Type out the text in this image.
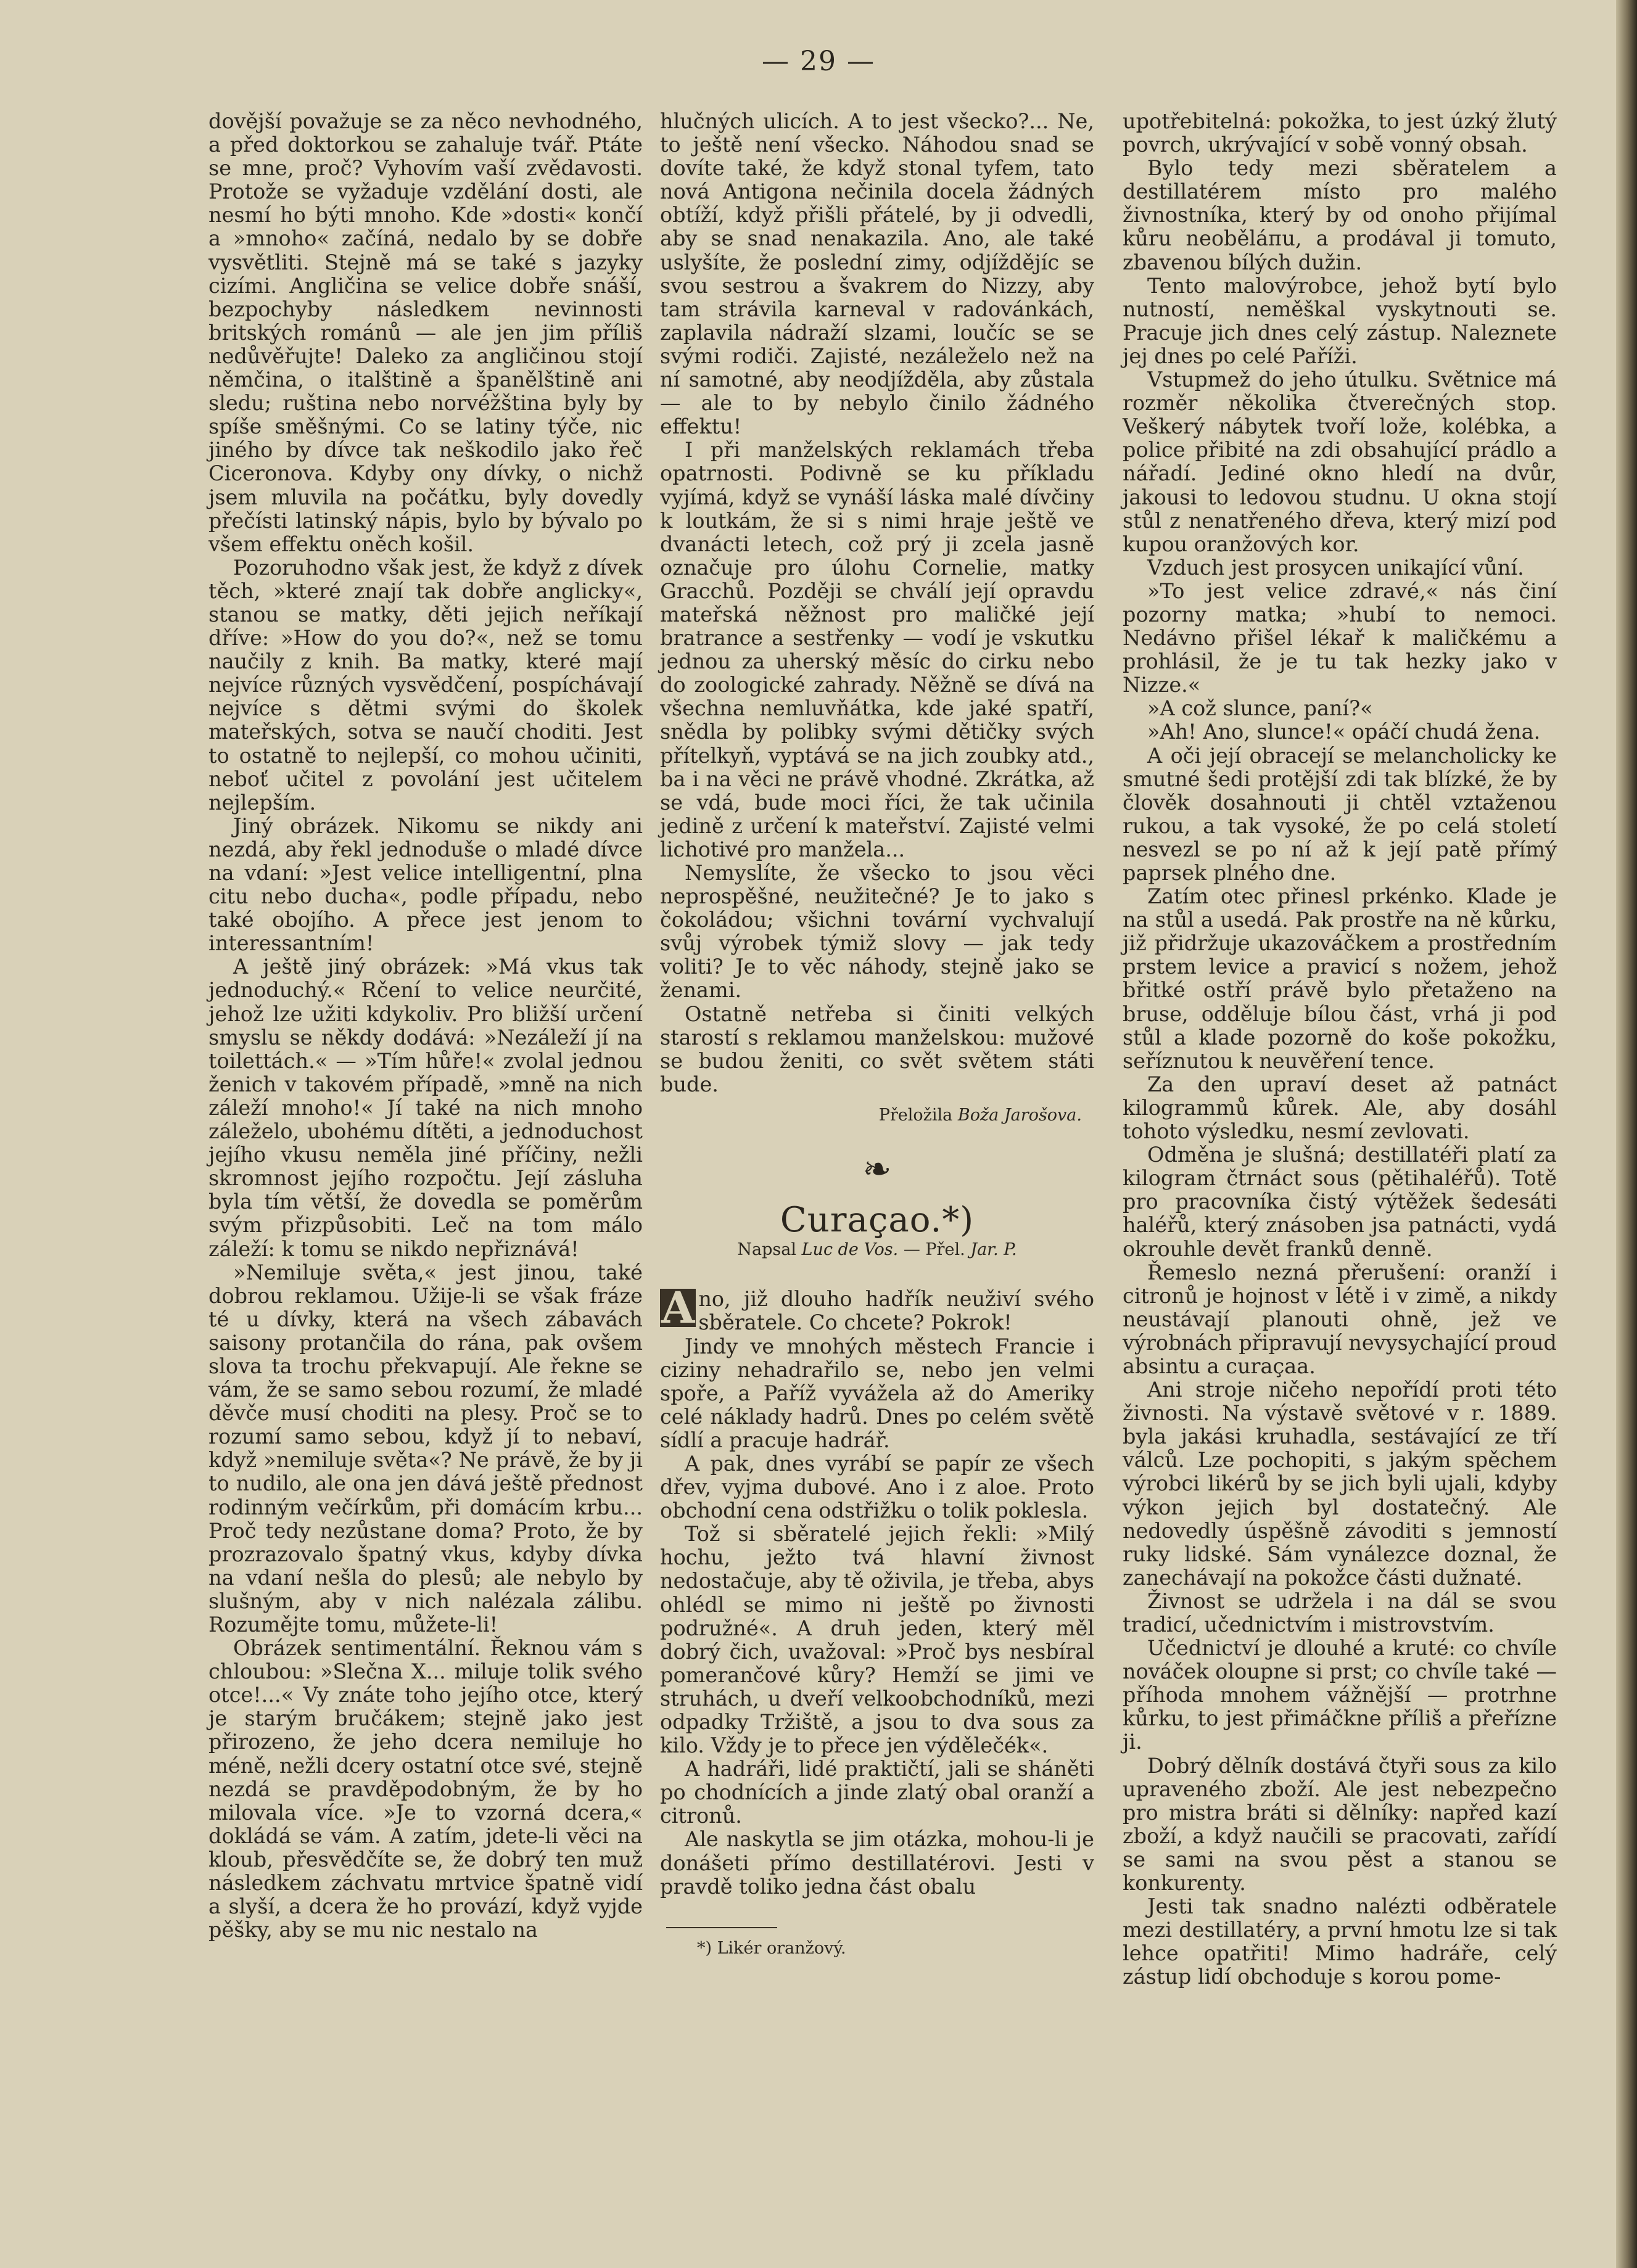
— 29 —

dovější považuje se za něco nevhodného, a před doktorkou se zahaluje tvář. Ptáte se mne, proč? Vyhovím vaší zvědavosti. Protože se vyžaduje vzdělání dosti, ale nesmí ho býti mnoho. Kde »dosti« končí a »mnoho« začíná, nedalo by se dobře vysvětliti. Stejně má se také s jazyky cizími. Angličina se velice dobře snáší, bezpochyby následkem nevinnosti britských románů — ale jen jim příliš nedůvěřujte! Daleko za angličinou stojí němčina, o italštině a španělštině ani sledu; ruština nebo norvéžština byly by spíše směšnými. Co se latiny týče, nic jiného by dívce tak neškodilo jako řeč Ciceronova. Kdyby ony dívky, o nichž jsem mluvila na počátku, byly dovedly přečísti latinský nápis, bylo by bývalo po všem effektu oněch košil.

Pozoruhodno však jest, že když z dívek těch, »které znají tak dobře anglicky«, stanou se matky, děti jejich neříkají dříve: »How do you do?«, než se tomu naučily z knih. Ba matky, které mají nejvíce různých vysvědčení, pospíchávají nejvíce s dětmi svými do školek mateřských, sotva se naučí choditi. Jest to ostatně to nejlepší, co mohou učiniti, neboť učitel z povolání jest učitelem nejlepším.

Jiný obrázek. Nikomu se nikdy ani nezdá, aby řekl jednoduše o mladé dívce na vdaní: »Jest velice intelligentní, plna citu nebo ducha«, podle případu, nebo také obojího. A přece jest jenom to interessantním!

A ještě jiný obrázek: »Má vkus tak jednoduchý.« Rčení to velice neurčité, jehož lze užiti kdykoliv. Pro bližší určení smyslu se někdy dodává: »Nezáleží jí na toilettách.« — »Tím hůře!« zvolal jednou ženich v takovém případě, »mně na nich záleží mnoho!« Jí také na nich mnoho záleželo, ubohému dítěti, a jednoduchost jejího vkusu neměla jiné příčiny, nežli skromnost jejího rozpočtu. Její zásluha byla tím větší, že dovedla se poměrům svým přizpůsobiti. Leč na tom málo záleží: k tomu se nikdo nepřiznává!

»Nemiluje světa,« jest jinou, také dobrou reklamou. Užije-li se však fráze té u dívky, která na všech zábavách saisony protančila do rána, pak ovšem slova ta trochu překvapují. Ale řekne se vám, že se samo sebou rozumí, že mladé děvče musí choditi na plesy. Proč se to rozumí samo sebou, když jí to nebaví, když »nemiluje světa«? Ne právě, že by ji to nudilo, ale ona jen dává ještě přednost rodinným večírkům, při domácím krbu... Proč tedy nezůstane doma? Proto, že by prozrazovalo špatný vkus, kdyby dívka na vdaní nešla do plesů; ale nebylo by slušným, aby v nich nalézala zálibu. Rozumějte tomu, můžete-li!

Obrázek sentimentální. Řeknou vám s chloubou: »Slečna X... miluje tolik svého otce!...« Vy znáte toho jejího otce, který je starým bručákem; stejně jako jest přirozeno, že jeho dcera nemiluje ho méně, nežli dcery ostatní otce své, stejně nezdá se pravděpodobným, že by ho milovala více. »Je to vzorná dcera,« dokládá se vám. A zatím, jdete-li věci na kloub, přesvědčíte se, že dobrý ten muž následkem záchvatu mrtvice špatně vidí a slyší, a dcera že ho provází, když vyjde pěšky, aby se mu nic nestalo na

hlučných ulicích. A to jest všecko?... Ne, to ještě není všecko. Náhodou snad se dovíte také, že když stonal tyfem, tato nová Antigona nečinila docela žádných obtíží, když přišli přátelé, by ji odvedli, aby se snad nenakazila. Ano, ale také uslyšíte, že poslední zimy, odjíždějíc se svou sestrou a švakrem do Nizzy, aby tam strávila karneval v radovánkách, zaplavila nádraží slzami, loučíc se se svými rodiči. Zajisté, nezáleželo než na ní samotné, aby neodjížděla, aby zůstala — ale to by nebylo činilo žádného effektu!

I při manželských reklamách třeba opatrnosti. Podivně se ku příkladu vyjímá, když se vynáší láska malé dívčiny k loutkám, že si s nimi hraje ještě ve dvanácti letech, což prý ji zcela jasně označuje pro úlohu Cornelie, matky Gracchů. Později se chválí její opravdu mateřská něžnost pro maličké její bratrance a sestřenky — vodí je vskutku jednou za uherský měsíc do cirku nebo do zoologické zahrady. Něžně se dívá na všechna nemluvňátka, kde jaké spatří, snědla by polibky svými dětičky svých přítelkyň, vyptává se na jich zoubky atd., ba i na věci ne právě vhodné. Zkrátka, až se vdá, bude moci říci, že tak učinila jedině z určení k mateřství. Zajisté velmi lichotivé pro manžela...

Nemyslíte, že všecko to jsou věci neprospěšné, neužitečné? Je to jako s čokoládou; všichni tovární vychvalují svůj výrobek týmiž slovy — jak tedy voliti? Je to věc náhody, stejně jako se ženami.

Ostatně netřeba si činiti velkých starostí s reklamou manželskou: mužové se budou ženiti, co svět světem státi bude.

Přeložila Boža Jarošova.
❧
Curaçao.*)
Napsal Luc de Vos. — Přel. Jar. P.

A no, již dlouho hadřík neuživí svého sběratele. Co chcete? Pokrok!

Jindy ve mnohých městech Francie i ciziny nehadrařilo se, nebo jen velmi spoře, a Paříž vyvážela až do Ameriky celé náklady hadrů. Dnes po celém světě sídlí a pracuje hadrář.

A pak, dnes vyrábí se papír ze všech dřev, vyjma dubové. Ano i z aloe. Proto obchodní cena odstřižku o tolik poklesla.

Tož si sběratelé jejich řekli: »Milý hochu, ježto tvá hlavní živnost nedostačuje, aby tě oživila, je třeba, abys ohlédl se mimo ni ještě po živnosti podružné«. A druh jeden, který měl dobrý čich, uvažoval: »Proč bys nesbíral pomerančové kůry? Hemží se jimi ve struhách, u dveří velkoobchodníků, mezi odpadky Tržiště, a jsou to dva sous za kilo. Vždy je to přece jen výdělečék«.

A hadráři, lidé praktičtí, jali se sháněti po chodnících a jinde zlatý obal oranží a citronů.

Ale naskytla se jim otázka, mohou-li je donášeti přímo destillatérovi. Jesti v pravdě toliko jedna část obalu

*) Likér oranžový.

upotřebitelná: pokožka, to jest úzký žlutý povrch, ukrývající v sobě vonný obsah.

Bylo tedy mezi sběratelem a destillatérem místo pro malého živnostníka, který by od onoho přijímal kůru neoběláпu, a prodával ji tomuto, zbavenou bílých dužin.

Tento malovýrobce, jehož bytí bylo nutností, neměškal vyskytnouti se. Pracuje jich dnes celý zástup. Naleznete jej dnes po celé Paříži.

Vstupmež do jeho útulku. Světnice má rozměr několika čtverečných stop. Veškerý nábytek tvoří lože, kolébka, a police přibité na zdi obsahující prádlo a nářadí. Jediné okno hledí na dvůr, jakousi to ledovou studnu. U okna stojí stůl z nenatřeného dřeva, který mizí pod kupou oranžových kor.

Vzduch jest prosycen unikající vůní.

»To jest velice zdravé,« nás činí pozorny matka; »hubí to nemoci. Nedávno přišel lékař k maličkému a prohlásil, že je tu tak hezky jako v Nizze.«

»A což slunce, paní?«

»Ah! Ano, slunce!« opáčí chudá žena.

A oči její obracejí se melancholicky ke smutné šedi protější zdi tak blízké, že by člověk dosahnouti ji chtěl vztaženou rukou, a tak vysoké, že po celá století nesvezl se po ní až k její patě přímý paprsek plného dne.

Zatím otec přinesl prkénko. Klade je na stůl a usedá. Pak prostře na ně kůrku, již přidržuje ukazováčkem a prostředním prstem levice a pravicí s nožem, jehož břitké ostří právě bylo přetaženo na bruse, odděluje bílou část, vrhá ji pod stůl a klade pozorně do koše pokožku, seříznutou k neuvěření tence.

Za den upraví deset až patnáct kilogrammů kůrek. Ale, aby dosáhl tohoto výsledku, nesmí zevlovati.

Odměna je slušná; destillatéři platí za kilogram čtrnáct sous (pětihaléřů). Totě pro pracovníka čistý výtěžek šedesáti haléřů, který znásoben jsa patnácti, vydá okrouhle devět franků denně.

Řemeslo nezná přerušení: oranží i citronů je hojnost v létě i v zimě, a nikdy neustávají planouti ohně, jež ve výrobnách připravují nevysychající proud absintu a curaçaa.

Ani stroje ničeho nepořídí proti této živnosti. Na výstavě světové v r. 1889. byla jakási kruhadla, sestávající ze tří válců. Lze pochopiti, s jakým spěchem výrobci likérů by se jich byli ujali, kdyby výkon jejich byl dostatečný. Ale nedovedly úspěšně závoditi s jemností ruky lidské. Sám vynálezce doznal, že zanechávají na pokožce části dužnaté.

Živnost se udržela i na dál se svou tradicí, učednictvím i mistrovstvím.

Učednictví je dlouhé a kruté: co chvíle nováček oloupne si prst; co chvíle také — příhoda mnohem vážnější — protrhne kůrku, to jest přimáčkne příliš a přeřízne ji.

Dobrý dělník dostává čtyři sous za kilo upraveného zboží. Ale jest nebezpečno pro mistra bráti si dělníky: napřed kazí zboží, a když naučili se pracovati, zařídí se sami na svou pěst a stanou se konkurenty.

Jesti tak snadno nalézti odběratele mezi destillatéry, a první hmotu lze si tak lehce opatřiti! Mimo hadráře, celý zástup lidí obchoduje s korou pome-
